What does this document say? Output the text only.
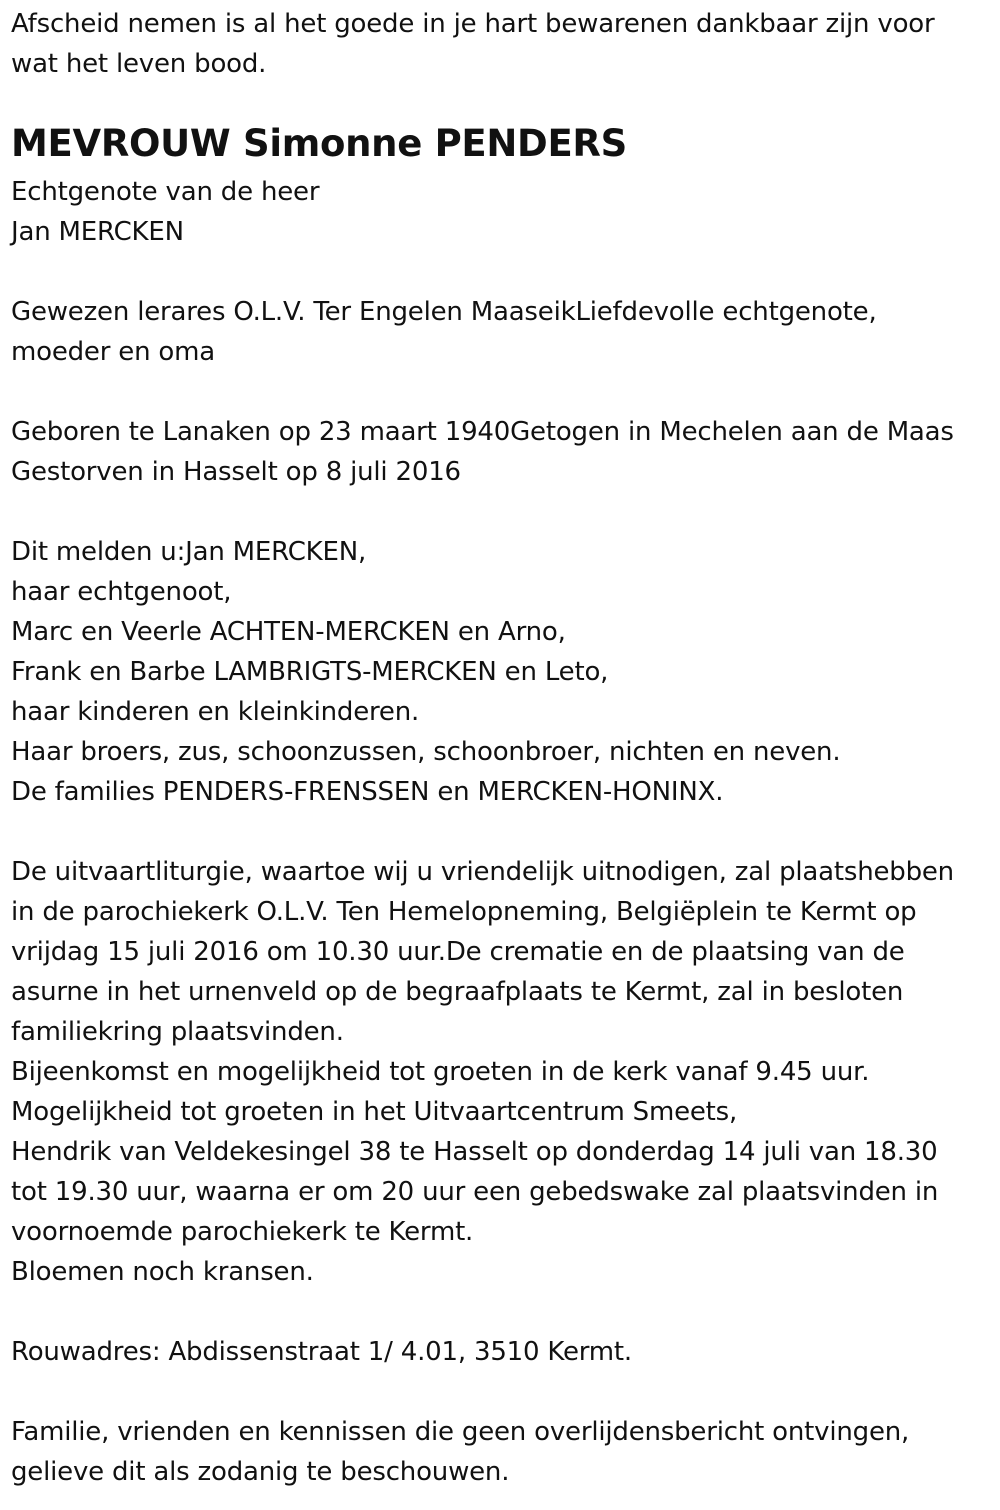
Afscheid nemen is al het goede in je hart bewarenen dankbaar zijn voor
wat het leven bood.
MEVROUW Simonne PENDERS
Echtgenote van de heer
Jan MERCKEN
Gewezen lerares O.L.V. Ter Engelen MaaseikLiefdevolle echtgenote,
moeder en oma
Geboren te Lanaken op 23 maart 1940Getogen in Mechelen aan de Maas
Gestorven in Hasselt op 8 juli 2016
Dit melden u:Jan MERCKEN,
haar echtgenoot,
Marc en Veerle ACHTEN-MERCKEN en Arno,
Frank en Barbe LAMBRIGTS-MERCKEN en Leto,
haar kinderen en kleinkinderen.
Haar broers, zus, schoonzussen, schoonbroer, nichten en neven.
De families PENDERS-FRENSSEN en MERCKEN-HONINX.
De uitvaartliturgie, waartoe wij u vriendelijk uitnodigen, zal plaatshebben
in de parochiekerk O.L.V. Ten Hemelopneming, Belgiëplein te Kermt op
vrijdag 15 juli 2016 om 10.30 uur.De crematie en de plaatsing van de
asurne in het urnenveld op de begraafplaats te Kermt, zal in besloten
familiekring plaatsvinden.
Bijeenkomst en mogelijkheid tot groeten in de kerk vanaf 9.45 uur.
Mogelijkheid tot groeten in het Uitvaartcentrum Smeets,
Hendrik van Veldekesingel 38 te Hasselt op donderdag 14 juli van 18.30
tot 19.30 uur, waarna er om 20 uur een gebedswake zal plaatsvinden in
voornoemde parochiekerk te Kermt.
Bloemen noch kransen.
Rouwadres: Abdissenstraat 1/ 4.01, 3510 Kermt.
Familie, vrienden en kennissen die geen overlijdensbericht ontvingen,
gelieve dit als zodanig te beschouwen.
